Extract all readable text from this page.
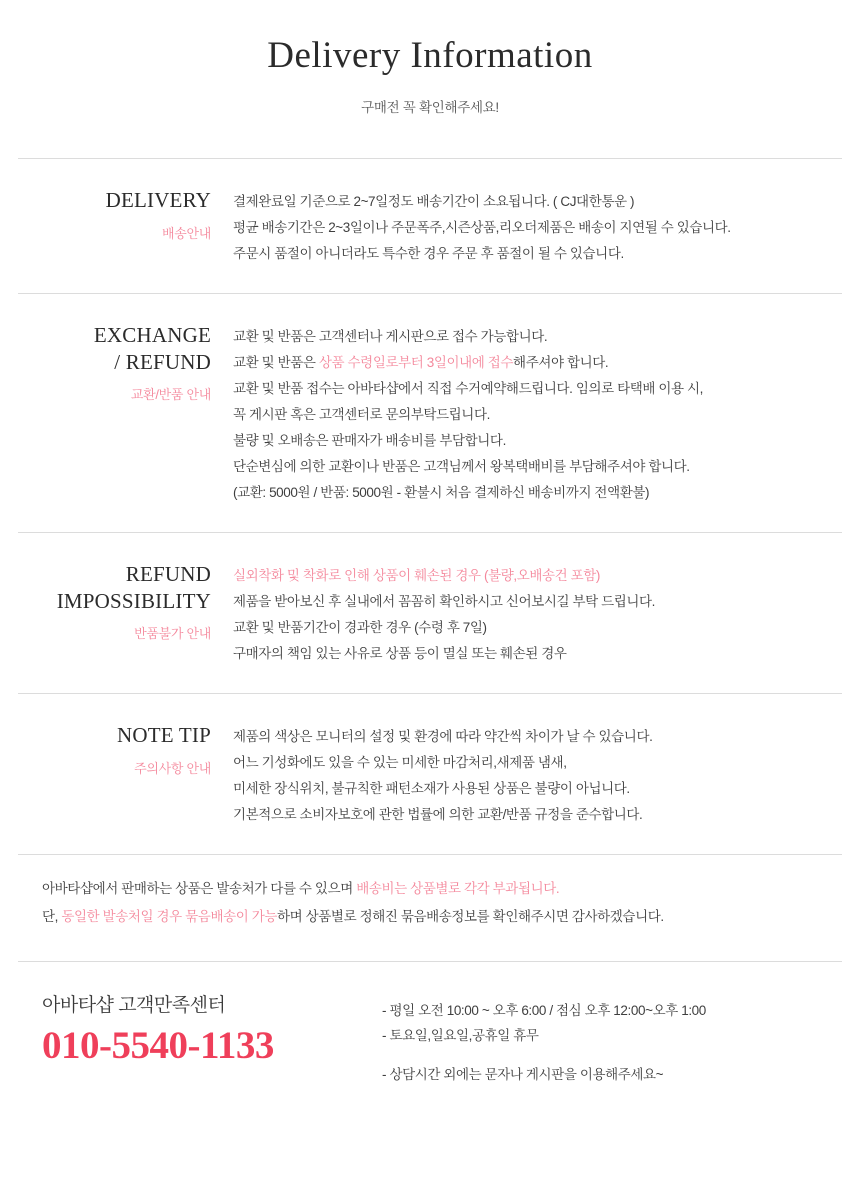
Delivery Information
구매전 꼭 확인해주세요!
DELIVERY
배송안내
결제완료일 기준으로 2~7일정도 배송기간이 소요됩니다. ( CJ대한통운 )
평균 배송기간은 2~3일이나 주문폭주,시즌상품,리오더제품은 배송이 지연될 수 있습니다.
주문시 품절이 아니더라도 특수한 경우 주문 후 품절이 될 수 있습니다.
EXCHANGE
/ REFUND
교환/반품 안내
교환 및 반품은 고객센터나 게시판으로 접수 가능합니다.
교환 및 반품은 상품 수령일로부터 3일이내에 접수해주셔야 합니다.
교환 및 반품 접수는 아바타샵에서 직접 수거예약해드립니다. 임의로 타택배 이용 시,
꼭 게시판 혹은 고객센터로 문의부탁드립니다.
불량 및 오배송은 판매자가 배송비를 부담합니다.
단순변심에 의한 교환이나 반품은 고객님께서 왕복택배비를 부담해주셔야 합니다.
(교환: 5000원 / 반품: 5000원 - 환불시 처음 결제하신 배송비까지 전액환불)
REFUND
IMPOSSIBILITY
반품불가 안내
실외착화 및 착화로 인해 상품이 훼손된 경우 (불량,오배송건 포함)
제품을 받아보신 후 실내에서 꼼꼼히 확인하시고 신어보시길 부탁 드립니다.
교환 및 반품기간이 경과한 경우 (수령 후 7일)
구매자의 책임 있는 사유로 상품 등이 멸실 또는 훼손된 경우
NOTE TIP
주의사항 안내
제품의 색상은 모니터의 설정 및 환경에 따라 약간씩 차이가 날 수 있습니다.
어느 기성화에도 있을 수 있는 미세한 마감처리,새제품 냄새,
미세한 장식위치, 불규칙한 패턴소재가 사용된 상품은 불량이 아닙니다.
기본적으로 소비자보호에 관한 법률에 의한 교환/반품 규정을 준수합니다.
아바타샵에서 판매하는 상품은 발송처가 다를 수 있으며 배송비는 상품별로 각각 부과됩니다.
단, 동일한 발송처일 경우 묶음배송이 가능하며 상품별로 정해진 묶음배송정보를 확인해주시면 감사하겠습니다.
아바타샵 고객만족센터
010-5540-1133
- 평일 오전 10:00 ~ 오후 6:00 / 점심 오후 12:00~오후 1:00
- 토요일,일요일,공휴일 휴무
- 상담시간 외에는 문자나 게시판을 이용해주세요~
